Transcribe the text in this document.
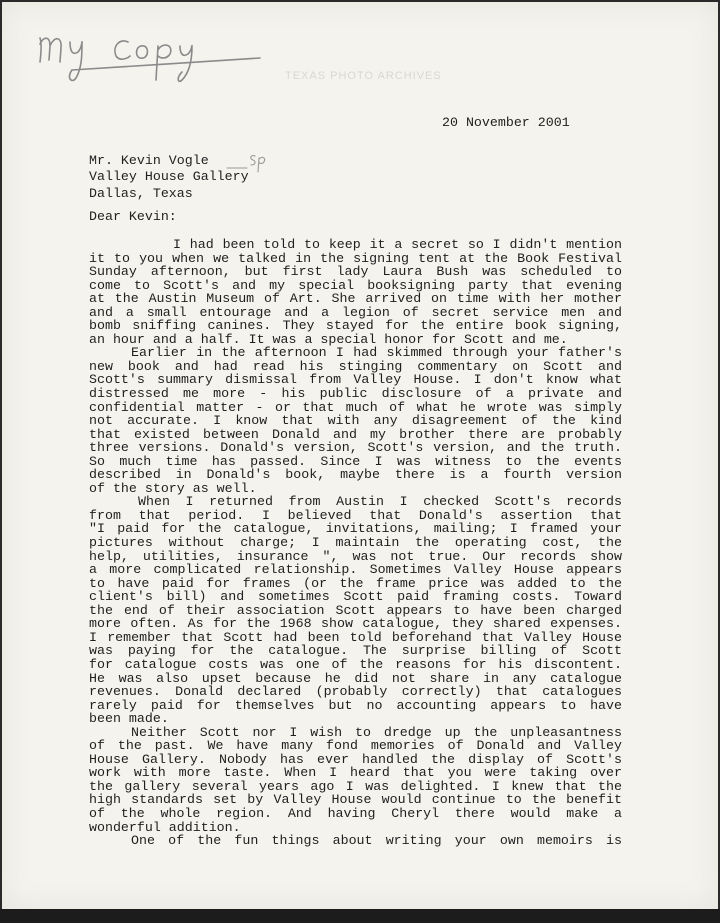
TEXAS PHOTO ARCHIVES
20 November 2001
Mr. Kevin Vogle
Valley House Gallery
Dallas, Texas
Dear Kevin:
I had been told to keep it a secret so I didn't mention
it to you when we talked in the signing tent at the Book Festival
Sunday afternoon, but first lady Laura Bush was scheduled to
come to Scott's and my special booksigning party that evening
at the Austin Museum of Art. She arrived on time with her mother
and a small entourage and a legion of secret service men and
bomb sniffing canines. They stayed for the entire book signing,
an hour and a half. It was a special honor for Scott and me.
Earlier in the afternoon I had skimmed through your father's
new book and had read his stinging commentary on Scott and
Scott's summary dismissal from Valley House. I don't know what
distressed me more - his public disclosure of a private and
confidential matter - or that much of what he wrote was simply
not accurate. I know that with any disagreement of the kind
that existed between Donald and my brother there are probably
three versions. Donald's version, Scott's version, and the truth.
So much time has passed. Since I was witness to the events
described in Donald's book, maybe there is a fourth version
of the story as well.
When I returned from Austin I checked Scott's records
from that period. I believed that Donald's assertion that
"I paid for the catalogue, invitations, mailing; I framed your
pictures without charge; I maintain the operating cost, the
help, utilities, insurance ", was not true. Our records show
a more complicated relationship. Sometimes Valley House appears
to have paid for frames (or the frame price was added to the
client's bill) and sometimes Scott paid framing costs. Toward
the end of their association Scott appears to have been charged
more often. As for the 1968 show catalogue, they shared expenses.
I remember that Scott had been told beforehand that Valley House
was paying for the catalogue. The surprise billing of Scott
for catalogue costs was one of the reasons for his discontent.
He was also upset because he did not share in any catalogue
revenues. Donald declared (probably correctly) that catalogues
rarely paid for themselves but no accounting appears to have
been made.
Neither Scott nor I wish to dredge up the unpleasantness
of the past. We have many fond memories of Donald and Valley
House Gallery. Nobody has ever handled the display of Scott's
work with more taste. When I heard that you were taking over
the gallery several years ago I was delighted. I knew that the
high standards set by Valley House would continue to the benefit
of the whole region. And having Cheryl there would make a
wonderful addition.
One of the fun things about writing your own memoirs is
